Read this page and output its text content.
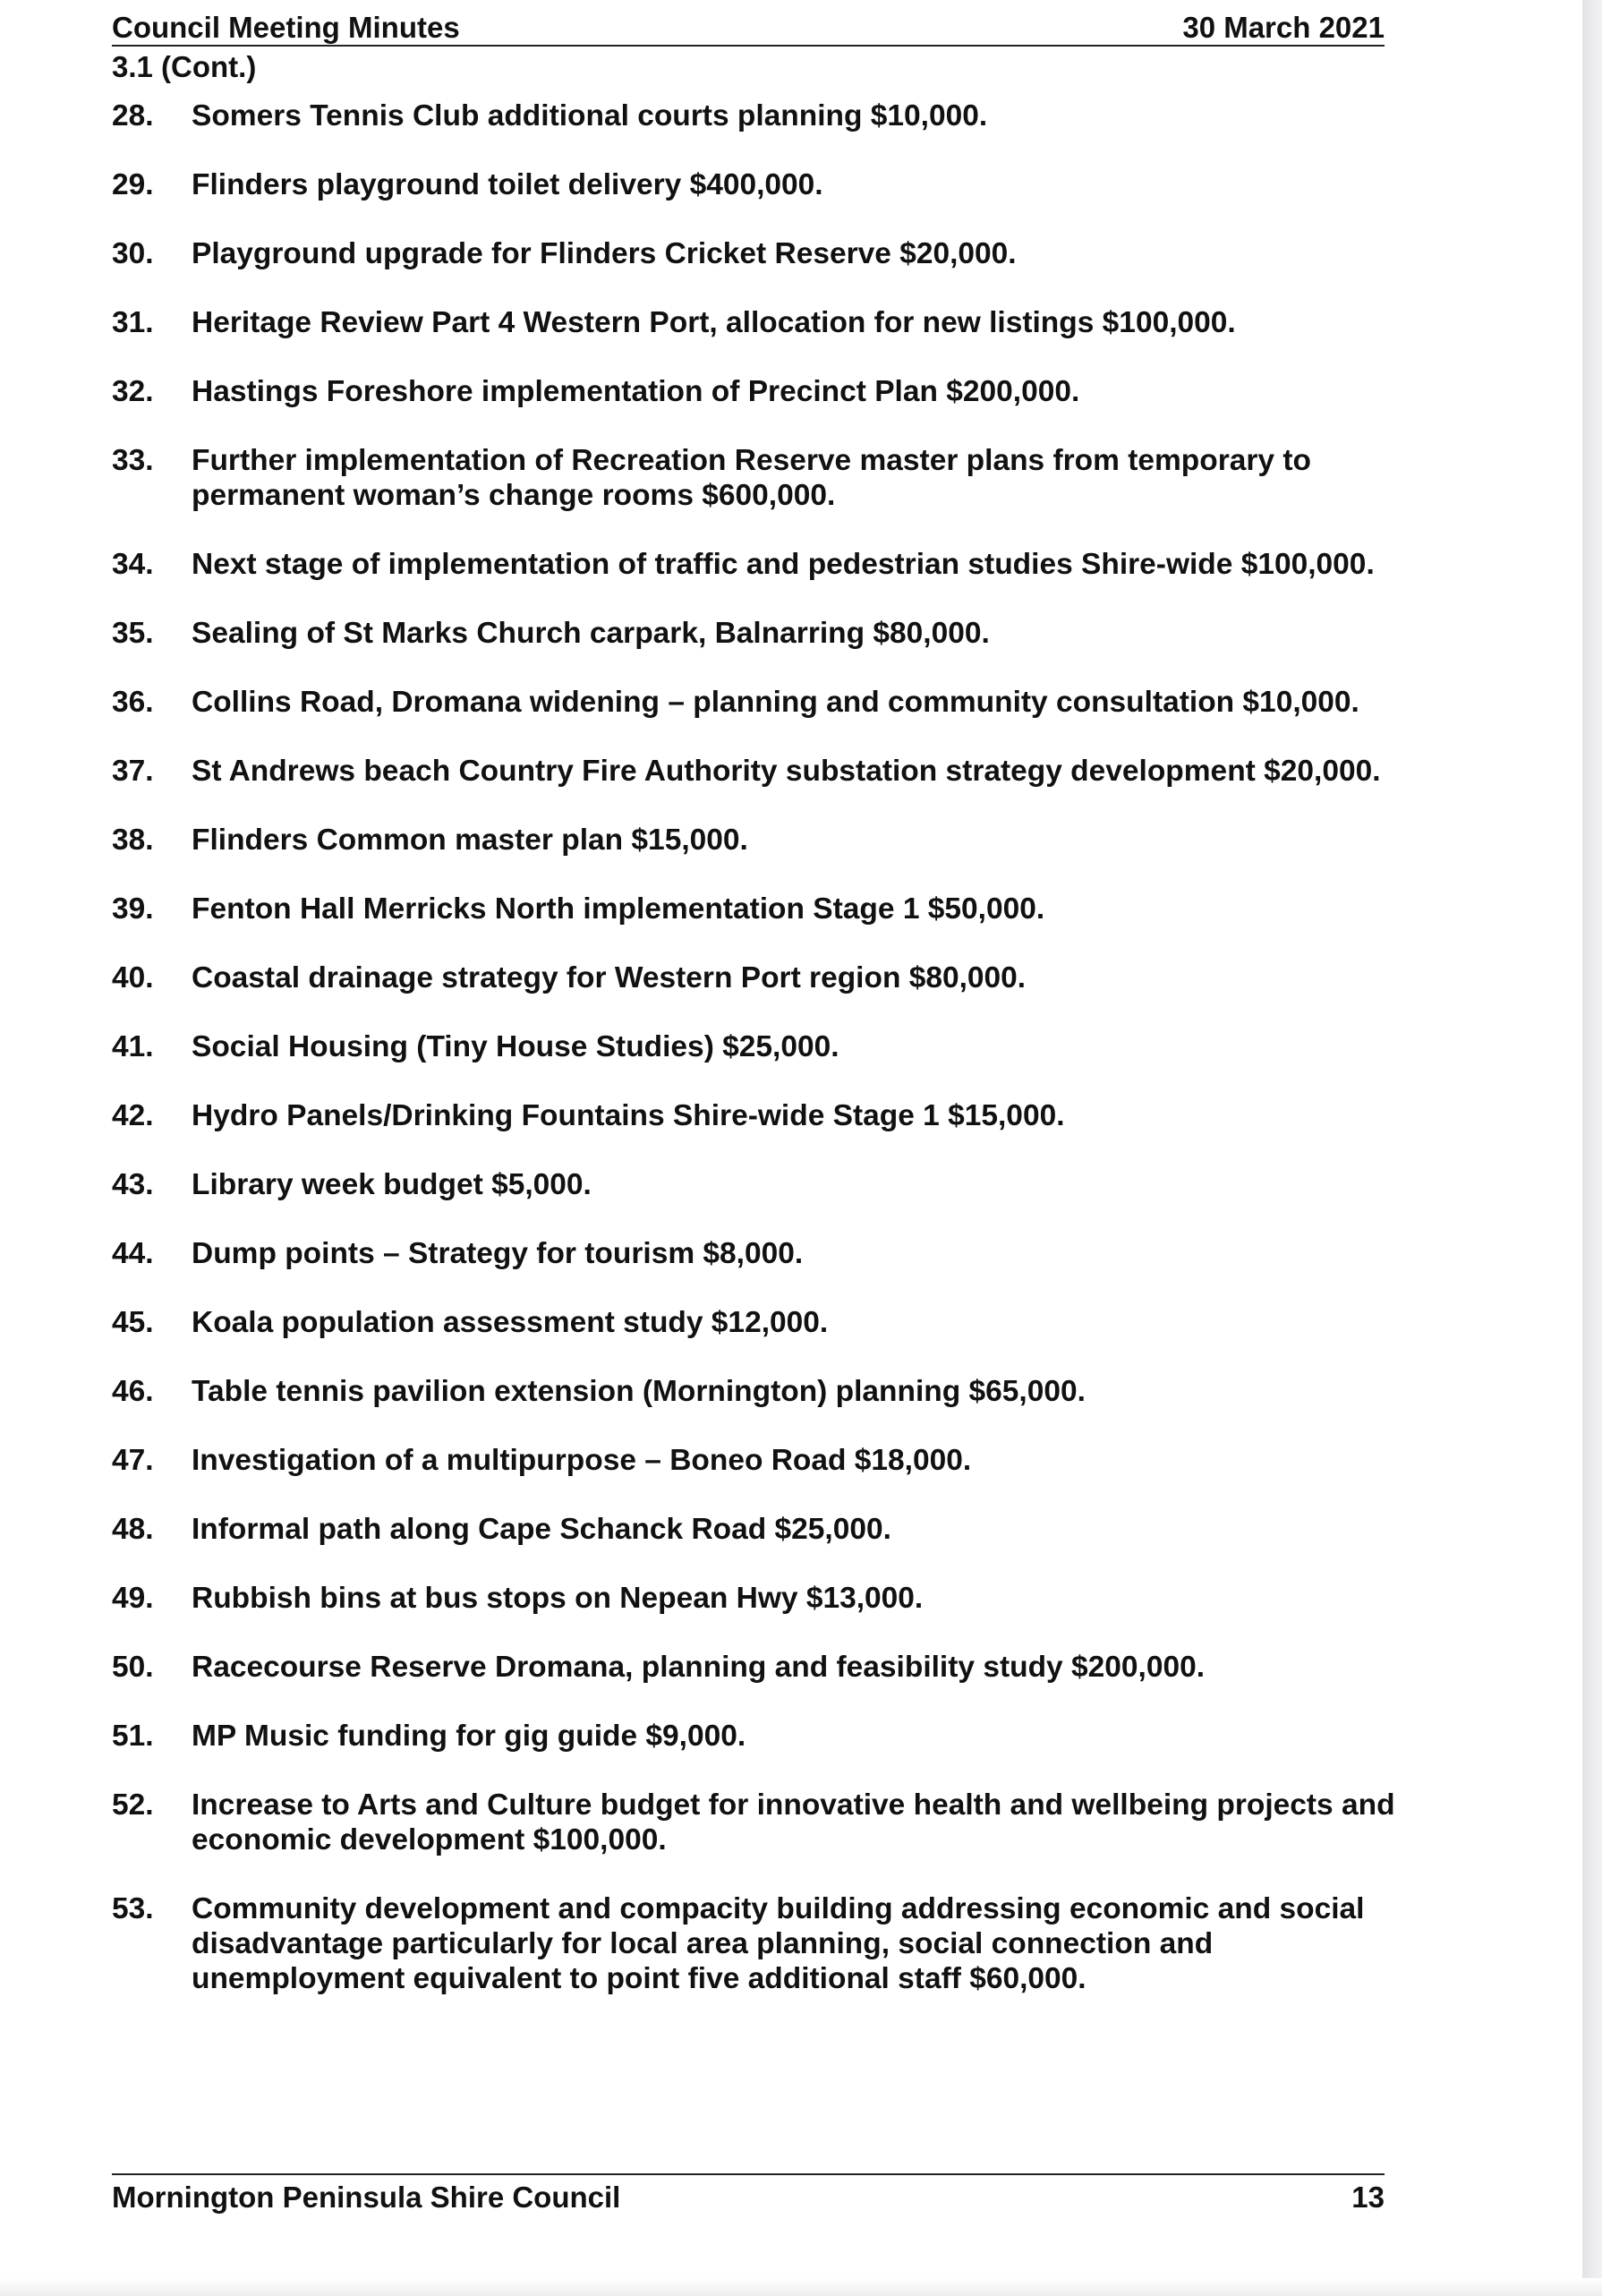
Council Meeting Minutes	30 March 2021
3.1 (Cont.)
28.	Somers Tennis Club additional courts planning $10,000.
29.	Flinders playground toilet delivery $400,000.
30.	Playground upgrade for Flinders Cricket Reserve $20,000.
31.	Heritage Review Part 4 Western Port, allocation for new listings $100,000.
32.	Hastings Foreshore implementation of Precinct Plan $200,000.
33.	Further implementation of Recreation Reserve master plans from temporary to permanent woman’s change rooms $600,000.
34.	Next stage of implementation of traffic and pedestrian studies Shire-wide $100,000.
35.	Sealing of St Marks Church carpark, Balnarring $80,000.
36.	Collins Road, Dromana widening – planning and community consultation $10,000.
37.	St Andrews beach Country Fire Authority substation strategy development $20,000.
38.	Flinders Common master plan $15,000.
39.	Fenton Hall Merricks North implementation Stage 1 $50,000.
40.	Coastal drainage strategy for Western Port region $80,000.
41.	Social Housing (Tiny House Studies) $25,000.
42.	Hydro Panels/Drinking Fountains Shire-wide Stage 1 $15,000.
43.	Library week budget $5,000.
44.	Dump points – Strategy for tourism $8,000.
45.	Koala population assessment study $12,000.
46.	Table tennis pavilion extension (Mornington) planning $65,000.
47.	Investigation of a multipurpose – Boneo Road $18,000.
48.	Informal path along Cape Schanck Road $25,000.
49.	Rubbish bins at bus stops on Nepean Hwy $13,000.
50.	Racecourse Reserve Dromana, planning and feasibility study $200,000.
51.	MP Music funding for gig guide $9,000.
52.	Increase to Arts and Culture budget for innovative health and wellbeing projects and economic development $100,000.
53.	Community development and compacity building addressing economic and social disadvantage particularly for local area planning, social connection and unemployment equivalent to point five additional staff $60,000.
Mornington Peninsula Shire Council	13
